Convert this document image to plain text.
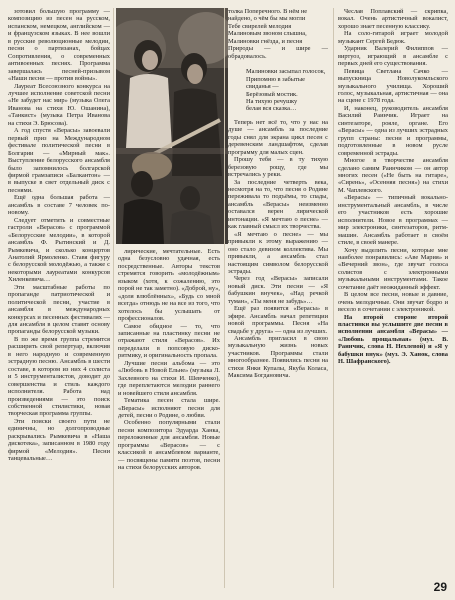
зотовил большую программу — композицию из песен на русском, испанском, немецком, английском — и французском языках. В нее вошли в русские революционные мелодии, песни о партизанах, бойцах Сопротивления, о современных антивоенных песнях. Программа завершалась песней-призывом «Наши песни — против войны».

Лауреат Всесоюзного конкурса на лучшее исполнение советской песни «Не забудет нас мир» (музыка Олега Иванова на стихи Ю. Ошанина), «Танкист» (музыка Петра Ивановa на стихи Э. Брюсова).

А год спустя «Верасы» завоевали первый приз на Международном фестивале политической песни в Болгарии — «Мирный мак». Выступление белорусского ансамбля было запомнилось болгарской фирмой грамзаписи «Балкантон» — в выпуске в свет отдельный диск с песнями.

Ещё одна большая работа — ансамбль в составе 7 человек по-новому.

Следует отметить и совместные гастроли «Верасов» с программой «Белорусские мелодии», в которой ансамбль Ф. Рытинский и Д. Рымкевича, и сколько концертов Анатолий Ярмоленко. Ставя фигуру с белорусской молодёжью, а также с некоторыми лауреатами конкурсов Хиленкевича…

Эти масштабные работы по пропаганде патриотической и политической песни, участие в ансамбля в международных конкурсах и песенных фестивалях — для ансамбля в целом ставят основу пропаганды белорусской музыки.

В по же время группа стремится расширить свой репертуар, включив в него народную и современную эстрадную песню. Ансамбль в шести составе, в котором из них 4 солиста и 5 инструменталистов, доводит до совершенства и стиль каждого исполнителя. Работа над произведениями — это поиск собственной стилистики, новая творческая программа группы.

Эти поиски своего пути не единичны, но долгопроводные раскрывались Рымкевича в «Наша дискотека», записанном в 1980 году фирмой «Мелодия». Песни танцевальные…

лирические, мечтательные. Есть одна безусловно удачная, есть посредственные. Авторы текстов стремятся говорить «молодёжным» языком (хотя, к сожалению, это порой не так заметно). «Доброй, ну», «доля влюблённых», «Будь со мной всегда» отнюдь не на все из того, что хотелось бы услышать от профессионалов.

Самое обидное — то, что записанные на пластинку песни не отражают стиля «Верасов». Их переделали в попсовую диско-ритмику, и оригинальность пропала.

Лучшие песни альбома — это «Любовь в Новой Ельне» (музыка Л. Захлевного на стихи И. Шевченко), где переплетаются мелодии раннего и новейшего стиля ансамбля.

Тематика песен стала шире. «Верасы» исполняют песни для детей, песни о Родине, о любви.

Особенно популярными стали песни композитора Эдуарда Ханка, переложенные для ансамбля. Новые программы «Верасов» — с классикой в ансамблевом варианте, — посвящены памяти поэтов, песни на стихи белорусских авторов.

толка Поперечного. В нём не

найдено, о чём бы мы могли

Тебе свирелей мелодия

Малиновым звоном слышна,

Малиновки гнёзда, и песня

Природы — и шире — обрадовалось.

Малиновки засыпал голосок,

Припомню в забытые

свиданья —

Берёзовый мостик.

На тихую речушку

белая вся сказка…

Теперь нет всё то, что у нас на душе — ансамбль за последние годы снял для экрана цикл песен с деревенским ландшафтом, сделав программу для малых сцен.

Прошу тебя — в ту тихую березовую рощу, где мы встречались у реки.

За последние четверть века, несмотря на то, что песня о Родине переживала то подъёмы, то спады, ансамбль «Верасы» неизменно оставался верен лирической интонации. «Я мечтаю о песне» — как главный смысл их творчества.

«Я мечтаю о песне» — мы привыкли к этому выражению — оно стало девизом коллектива. Мы привыкли, а ансамбль стал настоящим символом белорусской эстрады.

Через год «Верасы» записали новый диск. Эти песни — «Я бабушкин внучек», «Над речкой туман», «Ты меня не забудь»…

Ещё раз появится «Верасы» в эфире. Ансамбль начал репетиции новой программы. Песня «На свадьбе у друга» — одна из лучших.

Ансамбль пригласил в свою музыкальную жизнь новых участников. Программы стали многообразнее. Появились песни на стихи Янки Купалы, Якуба Коласа, Максима Богдановича.

Чеслав Поплавский — скрипка, вокал. Очень артистичный вокалист, хорошо знает песенную классику.

На соло-гитарой играет молодой музыкант Сергей Бедюк.

Ударник Валерий Филиппов — виртуоз, играющий в ансамбле с первых дней его существования.

Певица Светлана Сачко — выпускница Новолукомльского музыкального училища. Хороший голос, музыкальная, артистичная — она на сцене с 1978 года.

И, наконец, руководитель ансамбля Василий Раинчик. Играет на синтезаторе, рояле, органе. Его «Верасы» — одна из лучших эстрадных групп страны: песни и программы, подготовленные в новом русле современной эстрады.

Многое в творчестве ансамбля сделано самим Раинчиком — он автор многих песен («Не быть на гитаре», «Сирень», «Осенняя песня») на стихи М. Чаплевского.

«Верасы» — типичный вокально-инструментальный ансамбль, в числе его участников есть хорошие исполнители. Новое в программах — мир электроники, синтезаторов, ритм-машин. Ансамбль работает в своём стиле, в своей манере.

Хочу выделить песни, которые мне наиболее понравились: «Аве Мария» и «Вечерний звон», где звучат голоса солистов с электронными музыкальными инструментами. Такое сочетание даёт неожиданный эффект.

В целом все песни, новые и давние, очень мелодичные. Они звучат бодро и весело в сочетании с электроникой.

На второй стороне второй пластинки вы услышите две песни в исполнении ансамбля «Верасы» — «Любовь прощальная» (муз. В. Раинчик, слова Н. Нехлевой) и «Я у бабушки внук» (муз. Э. Ханок, слова Н. Шафранского).

29
